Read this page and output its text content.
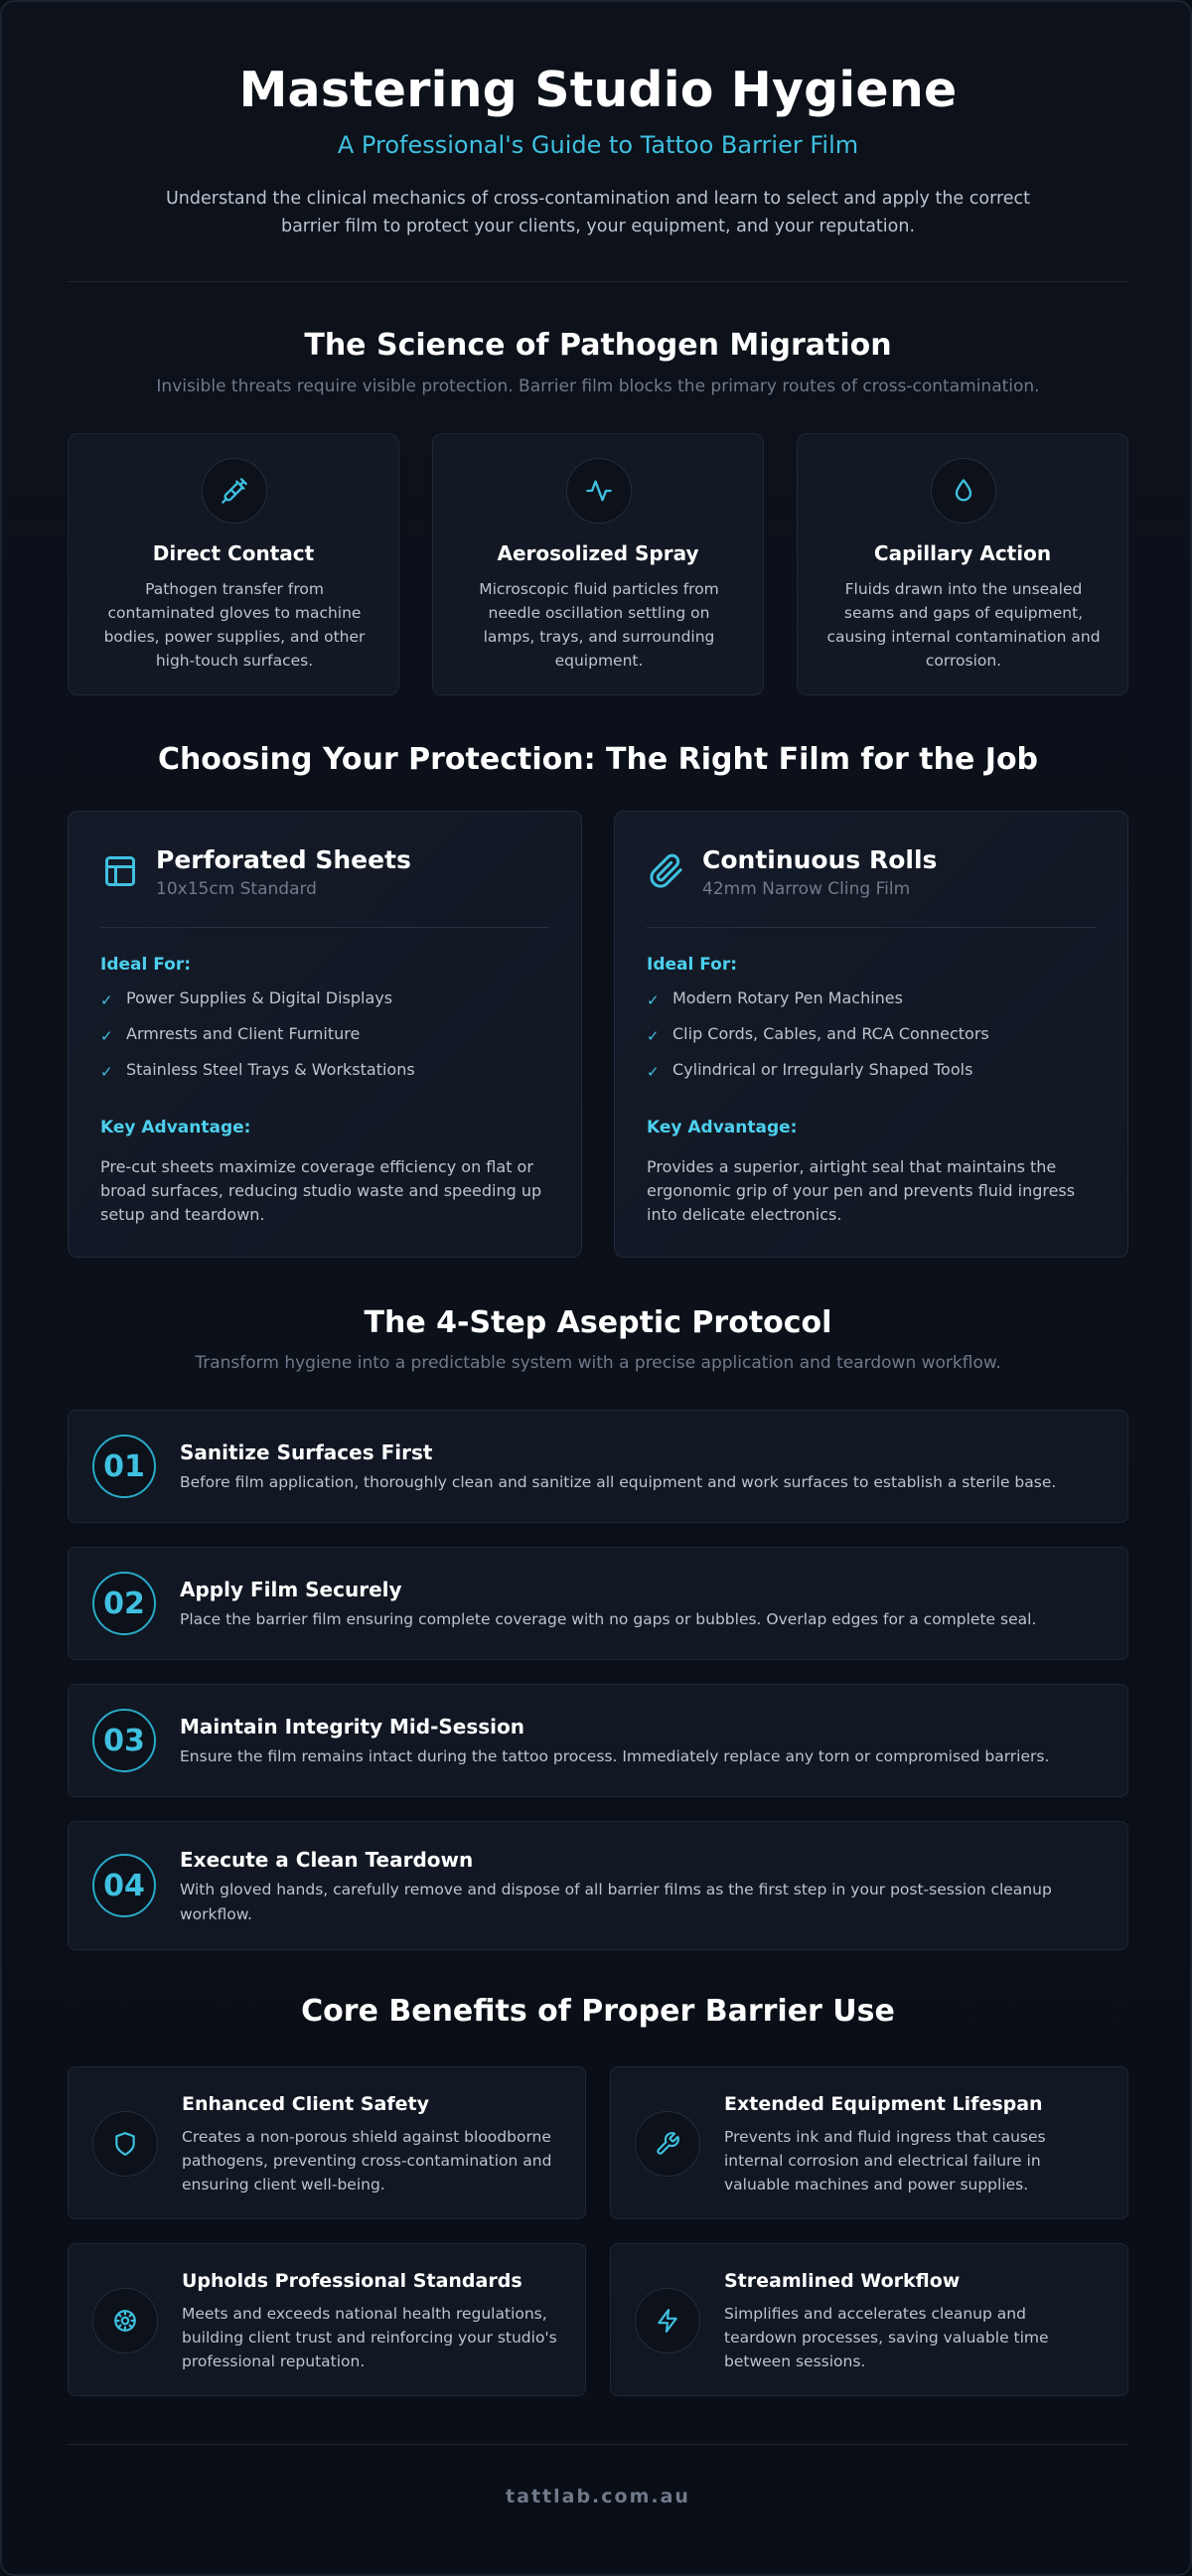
Mastering Studio Hygiene
A Professional's Guide to Tattoo Barrier Film

Understand the clinical mechanics of cross-contamination and learn to select and apply the correct barrier film to protect your clients, your equipment, and your reputation.

The Science of Pathogen Migration
Invisible threats require visible protection. Barrier film blocks the primary routes of cross-contamination.
Direct Contact
Pathogen transfer from contaminated gloves to machine bodies, power supplies, and other high-touch surfaces.
Aerosolized Spray
Microscopic fluid particles from needle oscillation settling on lamps, trays, and surrounding equipment.
Capillary Action
Fluids drawn into the unsealed seams and gaps of equipment, causing internal contamination and corrosion.
Choosing Your Protection: The Right Film for the Job
Perforated Sheets
10x15cm Standard
Ideal For:
✓ Power Supplies & Digital Displays
✓ Armrests and Client Furniture
✓ Stainless Steel Trays & Workstations
Key Advantage:
Pre-cut sheets maximize coverage efficiency on flat or broad surfaces, reducing studio waste and speeding up setup and teardown.
Continuous Rolls
42mm Narrow Cling Film
Ideal For:
✓ Modern Rotary Pen Machines
✓ Clip Cords, Cables, and RCA Connectors
✓ Cylindrical or Irregularly Shaped Tools
Key Advantage:
Provides a superior, airtight seal that maintains the ergonomic grip of your pen and prevents fluid ingress into delicate electronics.
The 4-Step Aseptic Protocol
Transform hygiene into a predictable system with a precise application and teardown workflow.
01	Sanitize Surfaces First
Before film application, thoroughly clean and sanitize all equipment and work surfaces to establish a sterile base.
02	Apply Film Securely
Place the barrier film ensuring complete coverage with no gaps or bubbles. Overlap edges for a complete seal.
03	Maintain Integrity Mid-Session
Ensure the film remains intact during the tattoo process. Immediately replace any torn or compromised barriers.
04
Execute a Clean Teardown
With gloved hands, carefully remove and dispose of all barrier films as the first step in your post-session cleanup workflow.
Core Benefits of Proper Barrier Use
Enhanced Client Safety
Creates a non-porous shield against bloodborne pathogens, preventing cross-contamination and ensuring client well-being.
Extended Equipment Lifespan
Prevents ink and fluid ingress that causes internal corrosion and electrical failure in valuable machines and power supplies.
Upholds Professional Standards
Meets and exceeds national health regulations, building client trust and reinforcing your studio's professional reputation.
Streamlined Workflow
Simplifies and accelerates cleanup and teardown processes, saving valuable time between sessions.
tattlab.com.au
